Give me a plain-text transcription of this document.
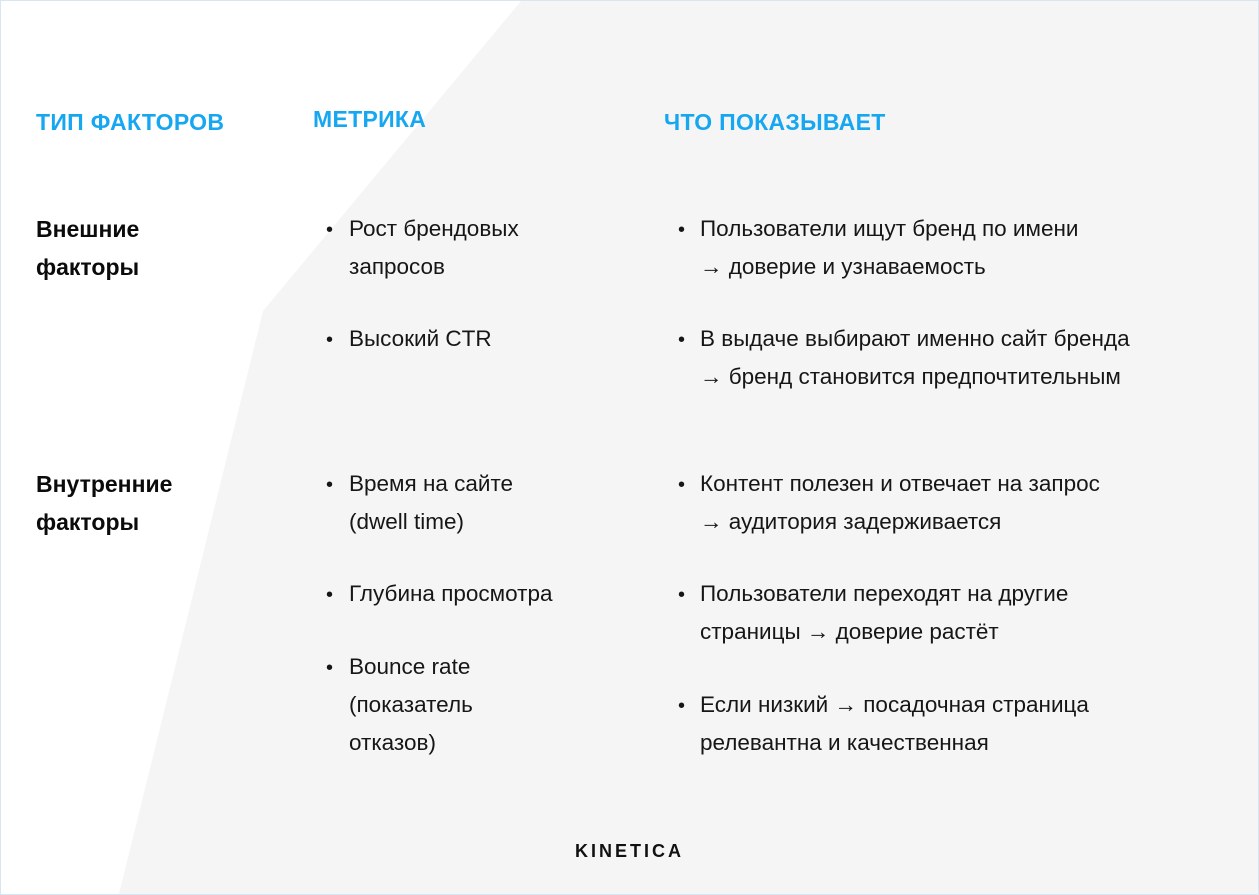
ТИП ФАКТОРОВ	МЕТРИКА	ЧТО ПОКАЗЫВАЕТ
Внешние
факторы
Внутренние
факторы
• Рост брендовых
запросов
• Высокий CTR
• Время на сайте
(dwell time)
• Глубина просмотра
• Bounce rate
(показатель
отказов)
• Пользователи ищут бренд по имени
→ доверие и узнаваемость
• В выдаче выбирают именно сайт бренда
→ бренд становится предпочтительным
• Контент полезен и отвечает на запрос
→ аудитория задерживается
• Пользователи переходят на другие
страницы → доверие растёт
• Если низкий → посадочная страница
релевантна и качественная
KINETICA
